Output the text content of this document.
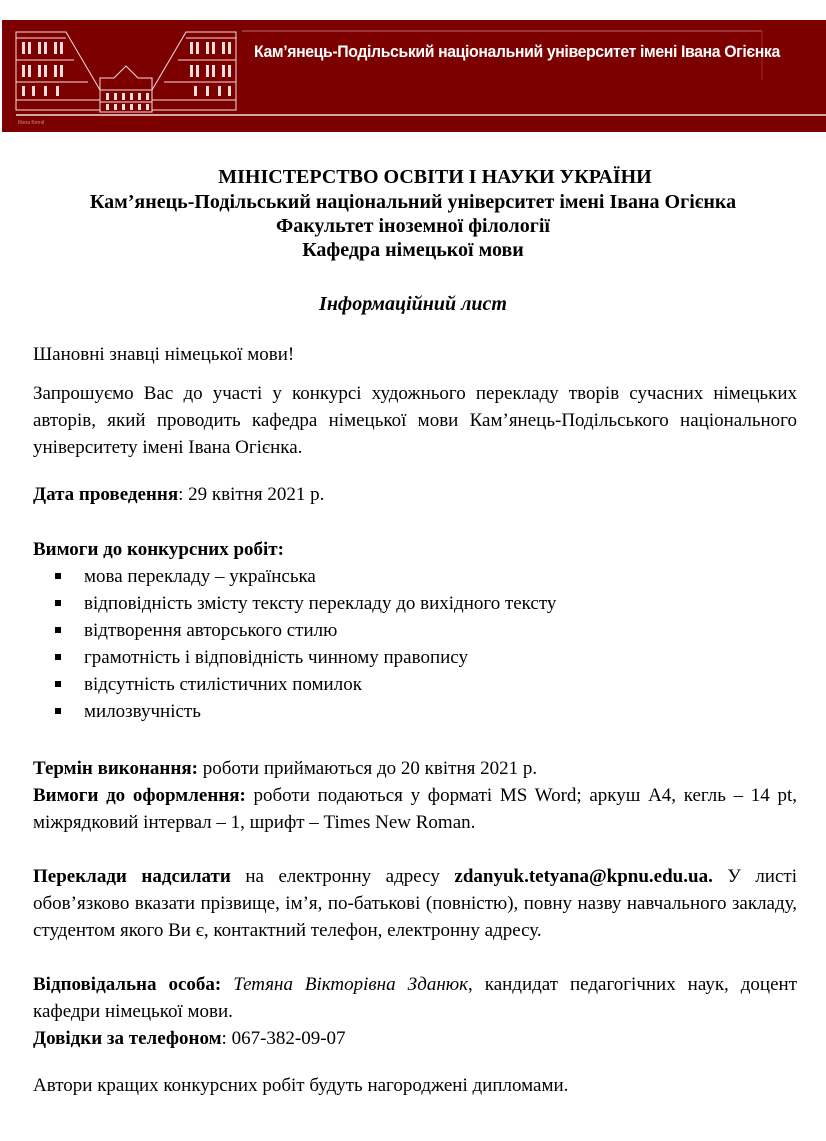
Кам’янець-Подільський національний університет імені Івана Огієнка
Illona Kornil
МІНІСТЕРСТВО ОСВІТИ І НАУКИ УКРАЇНИ
Кам’янець-Подільський національний університет імені Івана Огієнка
Факультет іноземної філології
Кафедра німецької мови
Інформаційний лист
Шановні знавці німецької мови!
Запрошуємо Вас до участі у конкурсі художнього перекладу творів сучасних німецьких авторів, який проводить кафедра німецької мови Кам’янець-Подільського національного університету імені Івана Огієнка.
Дата проведення: 29 квітня 2021 р.
Вимоги до конкурсних робіт:
мова перекладу – українська
відповідність змісту тексту перекладу до вихідного тексту
відтворення авторського стилю
грамотність і відповідність чинному правопису
відсутність стилістичних помилок
милозвучність
Термін виконання: роботи приймаються до 20 квітня 2021 р.
Вимоги до оформлення: роботи подаються у форматі MS Word; аркуш А4, кегль – 14 pt, міжрядковий інтервал – 1, шрифт – Times New Roman.
Переклади надсилати на електронну адресу zdanyuk.tetyana@kpnu.edu.ua. У листі обов’язково вказати прізвище, ім’я, по-батькові (повністю), повну назву навчального закладу, студентом якого Ви є, контактний телефон, електронну адресу.
Відповідальна особа: Тетяна Вікторівна Зданюк, кандидат педагогічних наук, доцент кафедри німецької мови.
Довідки за телефоном: 067-382-09-07
Автори кращих конкурсних робіт будуть нагороджені дипломами.
